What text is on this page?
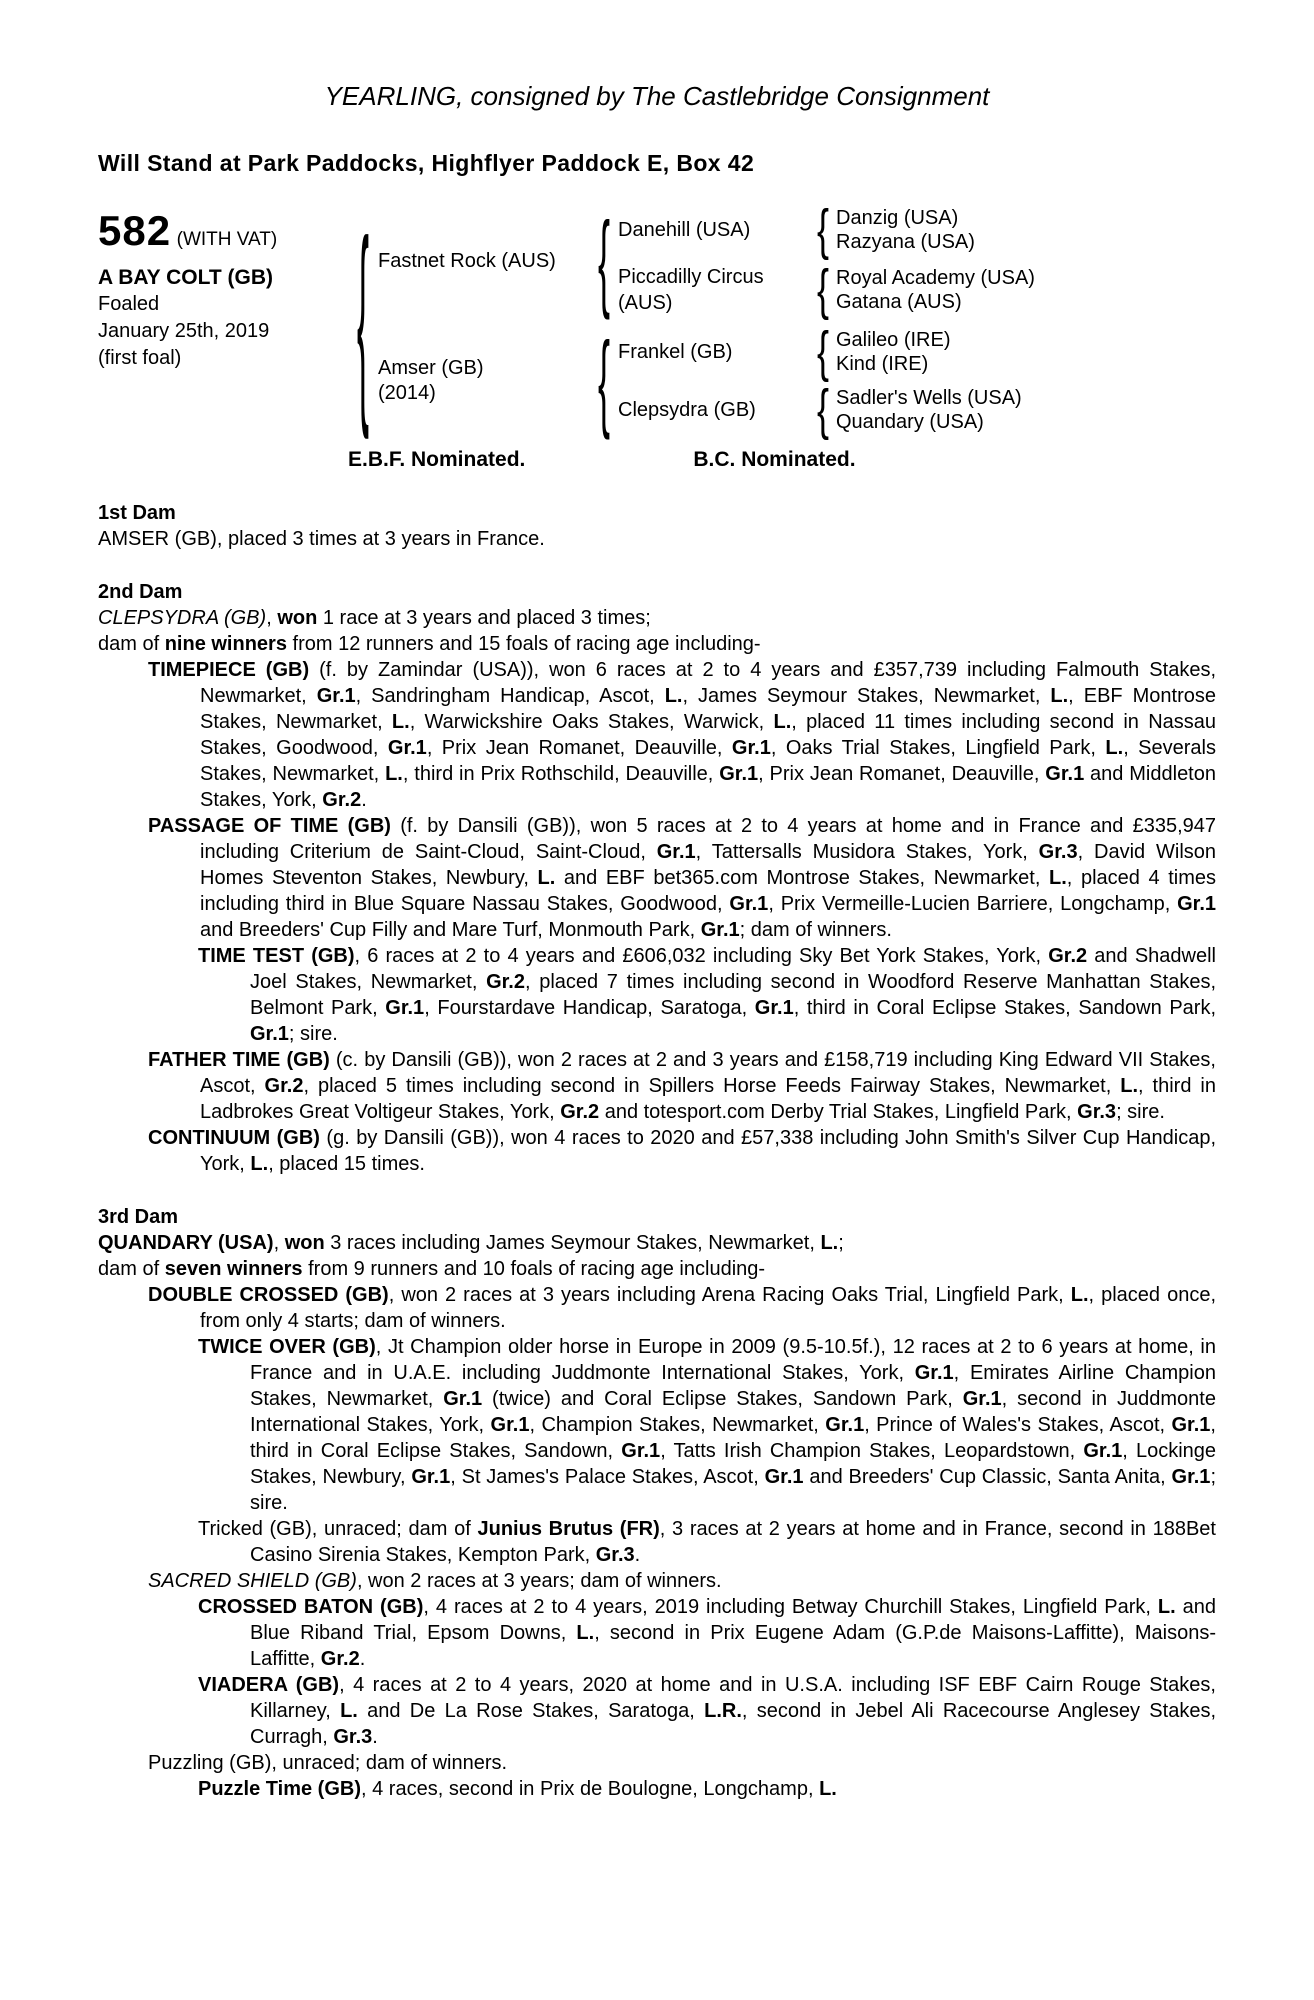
YEARLING, consigned by The Castlebridge Consignment
Will Stand at Park Paddocks, Highflyer Paddock E, Box 42
582 (WITH VAT)
A BAY COLT (GB)
Foaled
January 25th, 2019
(first foal)
{
Fastnet Rock (AUS)
{
Danehill (USA)
{
Danzig (USA)
Razyana (USA)
Piccadilly Circus (AUS)
{
Royal Academy (USA)
Gatana (AUS)
Amser (GB)
(2014)
{
Frankel (GB)
{
Galileo (IRE)
Kind (IRE)
Clepsydra (GB)
{
Sadler's Wells (USA)
Quandary (USA)
E.B.F. Nominated.	B.C. Nominated.
1st Dam

AMSER (GB), placed 3 times at 3 years in France.

2nd Dam

CLEPSYDRA (GB), won 1 race at 3 years and placed 3 times;

dam of nine winners from 12 runners and 15 foals of racing age including-

TIMEPIECE (GB) (f. by Zamindar (USA)), won 6 races at 2 to 4 years and £357,739 including Falmouth Stakes, Newmarket, Gr.1, Sandringham Handicap, Ascot, L., James Seymour Stakes, Newmarket, L., EBF Montrose Stakes, Newmarket, L., Warwickshire Oaks Stakes, Warwick, L., placed 11 times including second in Nassau Stakes, Goodwood, Gr.1, Prix Jean Romanet, Deauville, Gr.1, Oaks Trial Stakes, Lingfield Park, L., Severals Stakes, Newmarket, L., third in Prix Rothschild, Deauville, Gr.1, Prix Jean Romanet, Deauville, Gr.1 and Middleton Stakes, York, Gr.2.

PASSAGE OF TIME (GB) (f. by Dansili (GB)), won 5 races at 2 to 4 years at home and in France and £335,947 including Criterium de Saint-Cloud, Saint-Cloud, Gr.1, Tattersalls Musidora Stakes, York, Gr.3, David Wilson Homes Steventon Stakes, Newbury, L. and EBF bet365.com Montrose Stakes, Newmarket, L., placed 4 times including third in Blue Square Nassau Stakes, Goodwood, Gr.1, Prix Vermeille-Lucien Barriere, Longchamp, Gr.1 and Breeders' Cup Filly and Mare Turf, Monmouth Park, Gr.1; dam of winners.

TIME TEST (GB), 6 races at 2 to 4 years and £606,032 including Sky Bet York Stakes, York, Gr.2 and Shadwell Joel Stakes, Newmarket, Gr.2, placed 7 times including second in Woodford Reserve Manhattan Stakes, Belmont Park, Gr.1, Fourstardave Handicap, Saratoga, Gr.1, third in Coral Eclipse Stakes, Sandown Park, Gr.1; sire.

FATHER TIME (GB) (c. by Dansili (GB)), won 2 races at 2 and 3 years and £158,719 including King Edward VII Stakes, Ascot, Gr.2, placed 5 times including second in Spillers Horse Feeds Fairway Stakes, Newmarket, L., third in Ladbrokes Great Voltigeur Stakes, York, Gr.2 and totesport.com Derby Trial Stakes, Lingfield Park, Gr.3; sire.

CONTINUUM (GB) (g. by Dansili (GB)), won 4 races to 2020 and £57,338 including John Smith's Silver Cup Handicap, York, L., placed 15 times.

3rd Dam

QUANDARY (USA), won 3 races including James Seymour Stakes, Newmarket, L.;

dam of seven winners from 9 runners and 10 foals of racing age including-

DOUBLE CROSSED (GB), won 2 races at 3 years including Arena Racing Oaks Trial, Lingfield Park, L., placed once, from only 4 starts; dam of winners.

TWICE OVER (GB), Jt Champion older horse in Europe in 2009 (9.5-10.5f.), 12 races at 2 to 6 years at home, in France and in U.A.E. including Juddmonte International Stakes, York, Gr.1, Emirates Airline Champion Stakes, Newmarket, Gr.1 (twice) and Coral Eclipse Stakes, Sandown Park, Gr.1, second in Juddmonte International Stakes, York, Gr.1, Champion Stakes, Newmarket, Gr.1, Prince of Wales's Stakes, Ascot, Gr.1, third in Coral Eclipse Stakes, Sandown, Gr.1, Tatts Irish Champion Stakes, Leopardstown, Gr.1, Lockinge Stakes, Newbury, Gr.1, St James's Palace Stakes, Ascot, Gr.1 and Breeders' Cup Classic, Santa Anita, Gr.1; sire.

Tricked (GB), unraced; dam of Junius Brutus (FR), 3 races at 2 years at home and in France, second in 188Bet Casino Sirenia Stakes, Kempton Park, Gr.3.

SACRED SHIELD (GB), won 2 races at 3 years; dam of winners.

CROSSED BATON (GB), 4 races at 2 to 4 years, 2019 including Betway Churchill Stakes, Lingfield Park, L. and Blue Riband Trial, Epsom Downs, L., second in Prix Eugene Adam (G.P.de Maisons-Laffitte), Maisons-Laffitte, Gr.2.

VIADERA (GB), 4 races at 2 to 4 years, 2020 at home and in U.S.A. including ISF EBF Cairn Rouge Stakes, Killarney, L. and De La Rose Stakes, Saratoga, L.R., second in Jebel Ali Racecourse Anglesey Stakes, Curragh, Gr.3.

Puzzling (GB), unraced; dam of winners.

Puzzle Time (GB), 4 races, second in Prix de Boulogne, Longchamp, L.
